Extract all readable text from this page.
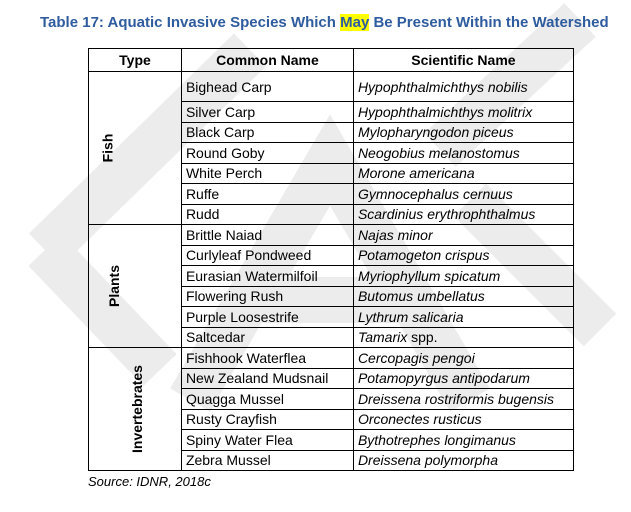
Table 17: Aquatic Invasive Species Which May Be Present Within the Watershed
Type	Common Name	Scientific Name
Fish	Bighead Carp	Hypophthalmichthys nobilis
	Silver Carp	Hypophthalmichthys molitrix
	Black Carp	Mylopharyngodon piceus
	Round Goby	Neogobius melanostomus
	White Perch	Morone americana
	Ruffe	Gymnocephalus cernuus
	Rudd	Scardinius erythrophthalmus
Plants	Brittle Naiad	Najas minor
	Curlyleaf Pondweed	Potamogeton crispus
	Eurasian Watermilfoil	Myriophyllum spicatum
	Flowering Rush	Butomus umbellatus
	Purple Loosestrife	Lythrum salicaria
	Saltcedar	Tamarix spp.
Invertebrates	Fishhook Waterflea	Cercopagis pengoi
	New Zealand Mudsnail	Potamopyrgus antipodarum
	Quagga Mussel	Dreissena rostriformis bugensis
	Rusty Crayfish	Orconectes rusticus
	Spiny Water Flea	Bythotrephes longimanus
	Zebra Mussel	Dreissena polymorpha
Source: IDNR, 2018c
